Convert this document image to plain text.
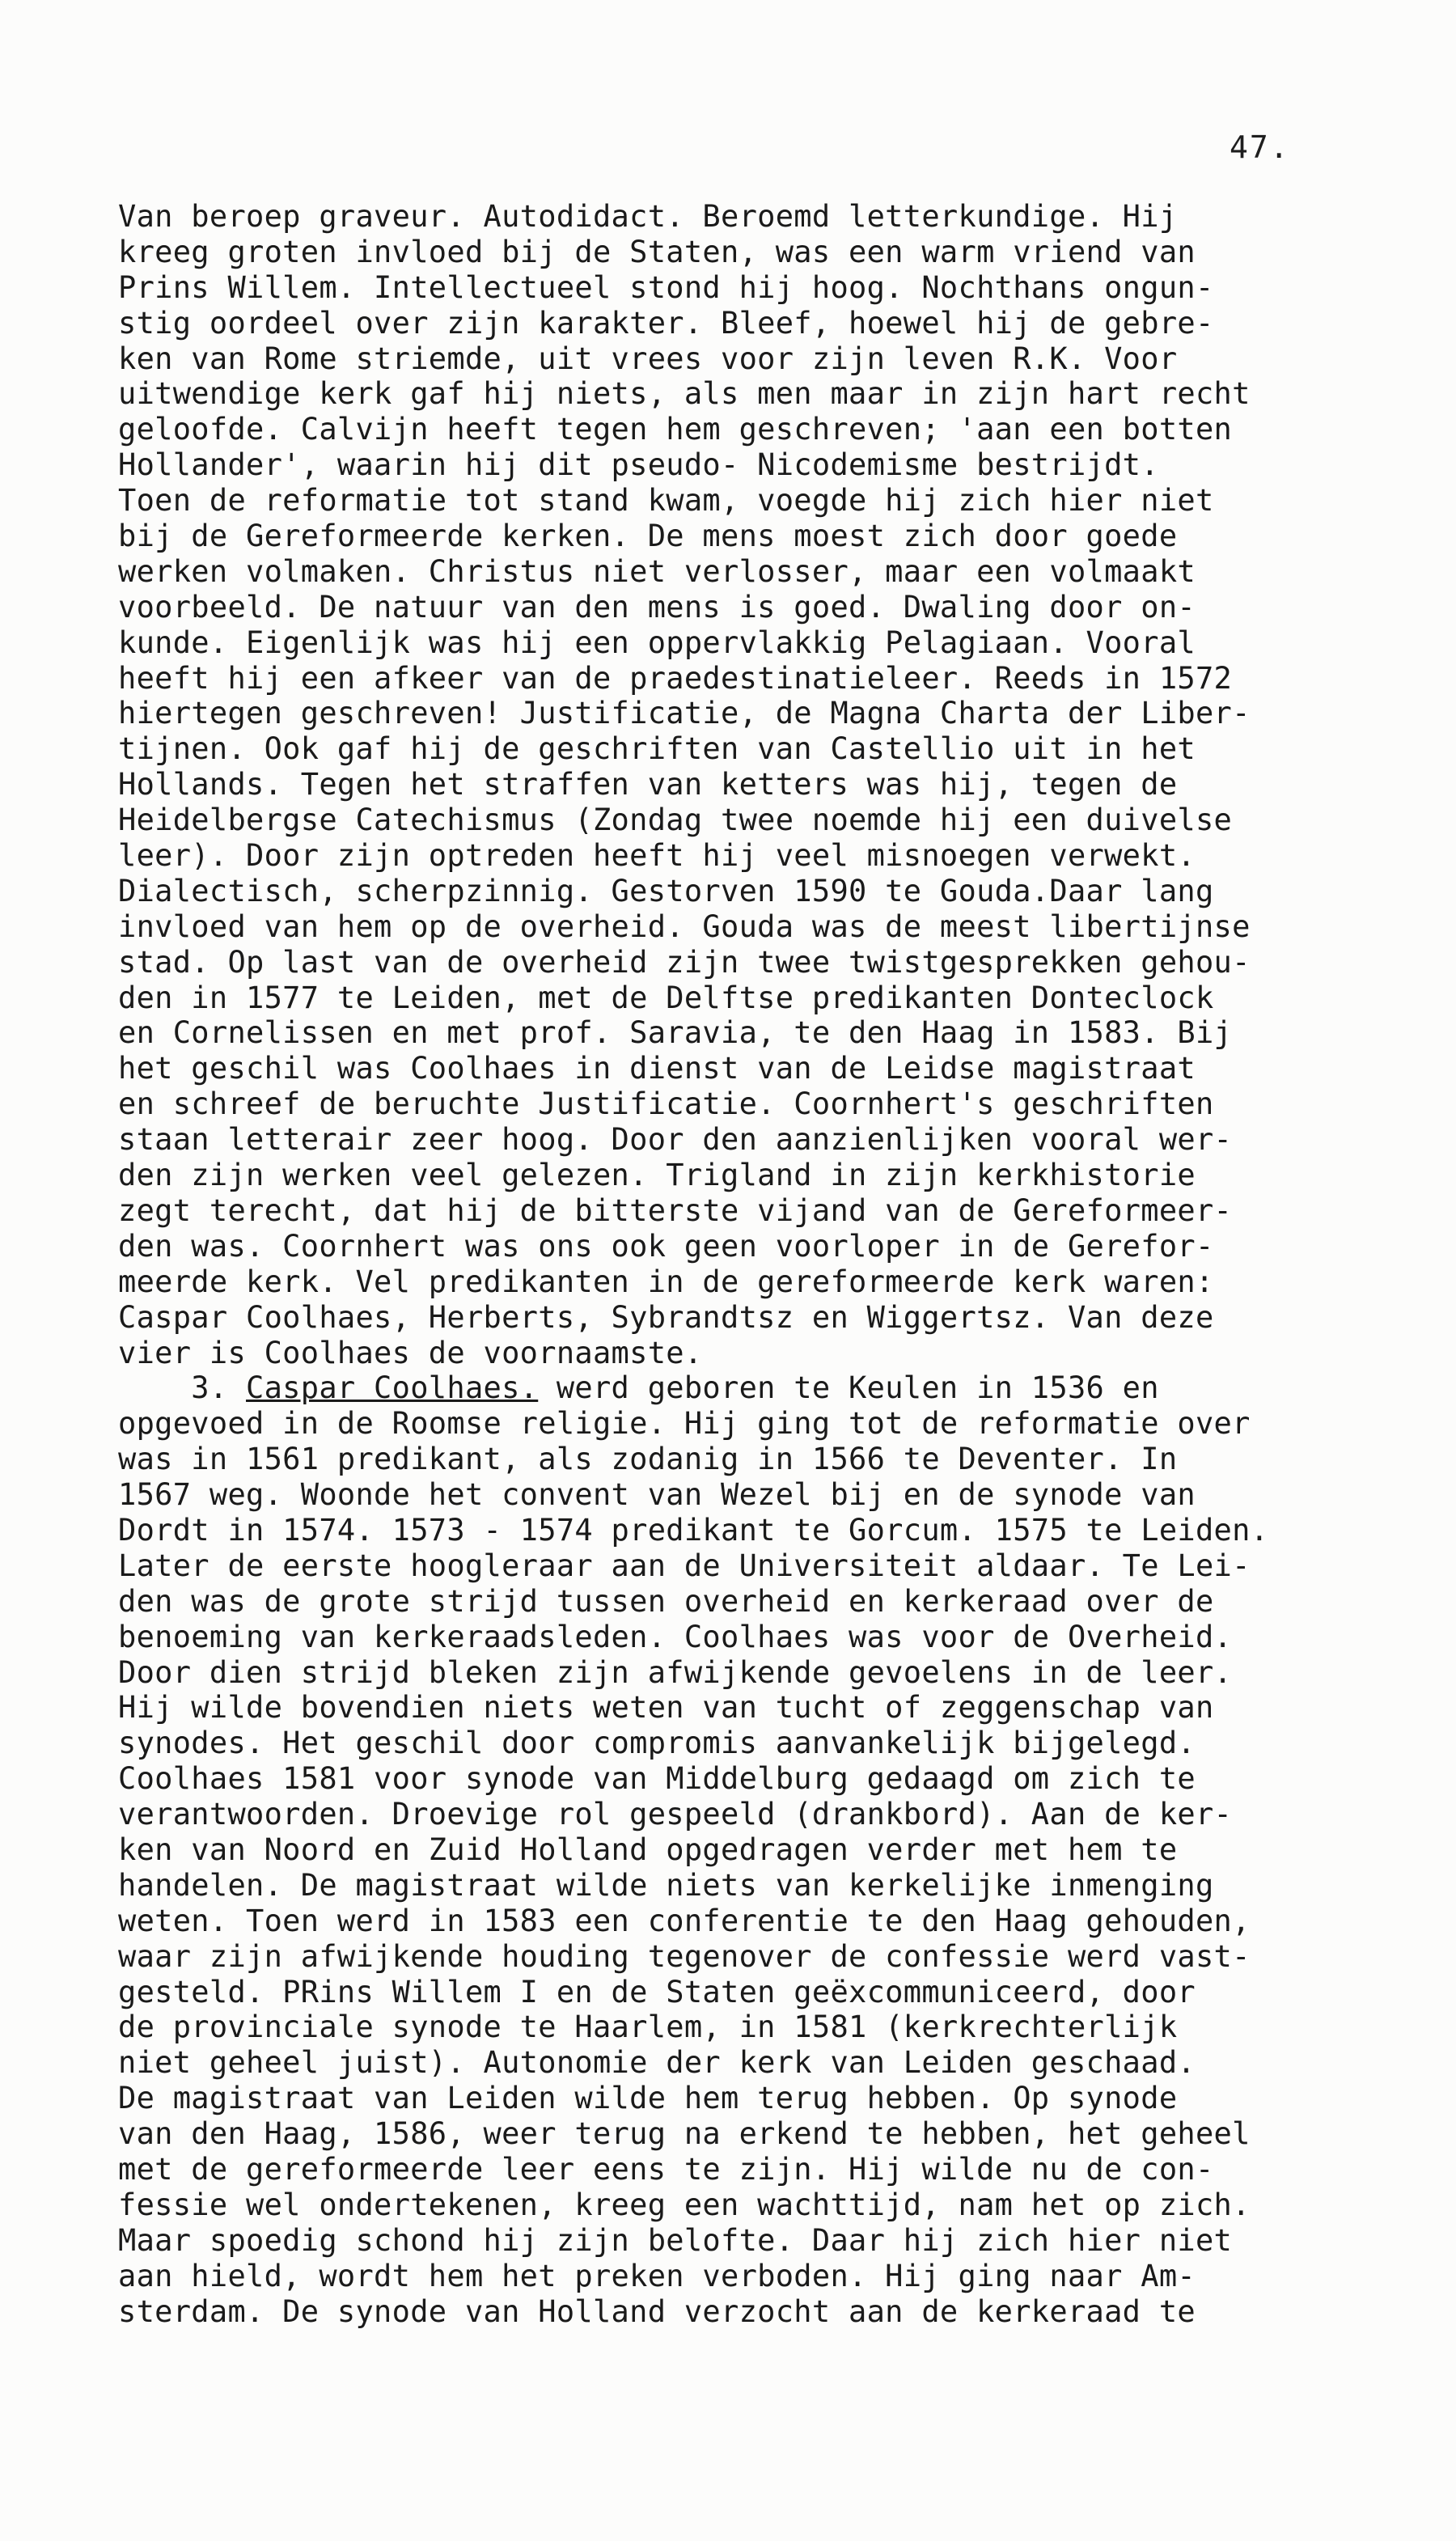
47.
Van beroep graveur. Autodidact. Beroemd letterkundige. Hij
kreeg groten invloed bij de Staten, was een warm vriend van
Prins Willem. Intellectueel stond hij hoog. Nochthans ongun-
stig oordeel over zijn karakter. Bleef, hoewel hij de gebre-
ken van Rome striemde, uit vrees voor zijn leven R.K. Voor
uitwendige kerk gaf hij niets, als men maar in zijn hart recht
geloofde. Calvijn heeft tegen hem geschreven; 'aan een botten
Hollander', waarin hij dit pseudo- Nicodemisme bestrijdt.
Toen de reformatie tot stand kwam, voegde hij zich hier niet
bij de Gereformeerde kerken. De mens moest zich door goede
werken volmaken. Christus niet verlosser, maar een volmaakt
voorbeeld. De natuur van den mens is goed. Dwaling door on-
kunde. Eigenlijk was hij een oppervlakkig Pelagiaan. Vooral
heeft hij een afkeer van de praedestinatieleer. Reeds in 1572
hiertegen geschreven! Justificatie, de Magna Charta der Liber-
tijnen. Ook gaf hij de geschriften van Castellio uit in het
Hollands. Tegen het straffen van ketters was hij, tegen de
Heidelbergse Catechismus (Zondag twee noemde hij een duivelse
leer). Door zijn optreden heeft hij veel misnoegen verwekt.
Dialectisch, scherpzinnig. Gestorven 1590 te Gouda.Daar lang
invloed van hem op de overheid. Gouda was de meest libertijnse
stad. Op last van de overheid zijn twee twistgesprekken gehou-
den in 1577 te Leiden, met de Delftse predikanten Donteclock
en Cornelissen en met prof. Saravia, te den Haag in 1583. Bij
het geschil was Coolhaes in dienst van de Leidse magistraat
en schreef de beruchte Justificatie. Coornhert's geschriften
staan letterair zeer hoog. Door den aanzienlijken vooral wer-
den zijn werken veel gelezen. Trigland in zijn kerkhistorie
zegt terecht, dat hij de bitterste vijand van de Gereformeer-
den was. Coornhert was ons ook geen voorloper in de Gerefor-
meerde kerk. Vel predikanten in de gereformeerde kerk waren:
Caspar Coolhaes, Herberts, Sybrandtsz en Wiggertsz. Van deze
vier is Coolhaes de voornaamste.
3. Caspar Coolhaes. werd geboren te Keulen in 1536 en
opgevoed in de Roomse religie. Hij ging tot de reformatie over
was in 1561 predikant, als zodanig in 1566 te Deventer. In
1567 weg. Woonde het convent van Wezel bij en de synode van
Dordt in 1574. 1573 - 1574 predikant te Gorcum. 1575 te Leiden.
Later de eerste hoogleraar aan de Universiteit aldaar. Te Lei-
den was de grote strijd tussen overheid en kerkeraad over de
benoeming van kerkeraadsleden. Coolhaes was voor de Overheid.
Door dien strijd bleken zijn afwijkende gevoelens in de leer.
Hij wilde bovendien niets weten van tucht of zeggenschap van
synodes. Het geschil door compromis aanvankelijk bijgelegd.
Coolhaes 1581 voor synode van Middelburg gedaagd om zich te
verantwoorden. Droevige rol gespeeld (drankbord). Aan de ker-
ken van Noord en Zuid Holland opgedragen verder met hem te
handelen. De magistraat wilde niets van kerkelijke inmenging
weten. Toen werd in 1583 een conferentie te den Haag gehouden,
waar zijn afwijkende houding tegenover de confessie werd vast-
gesteld. PRins Willem I en de Staten geëxcommuniceerd, door
de provinciale synode te Haarlem, in 1581 (kerkrechterlijk
niet geheel juist). Autonomie der kerk van Leiden geschaad.
De magistraat van Leiden wilde hem terug hebben. Op synode
van den Haag, 1586, weer terug na erkend te hebben, het geheel
met de gereformeerde leer eens te zijn. Hij wilde nu de con-
fessie wel ondertekenen, kreeg een wachttijd, nam het op zich.
Maar spoedig schond hij zijn belofte. Daar hij zich hier niet
aan hield, wordt hem het preken verboden. Hij ging naar Am-
sterdam. De synode van Holland verzocht aan de kerkeraad te
